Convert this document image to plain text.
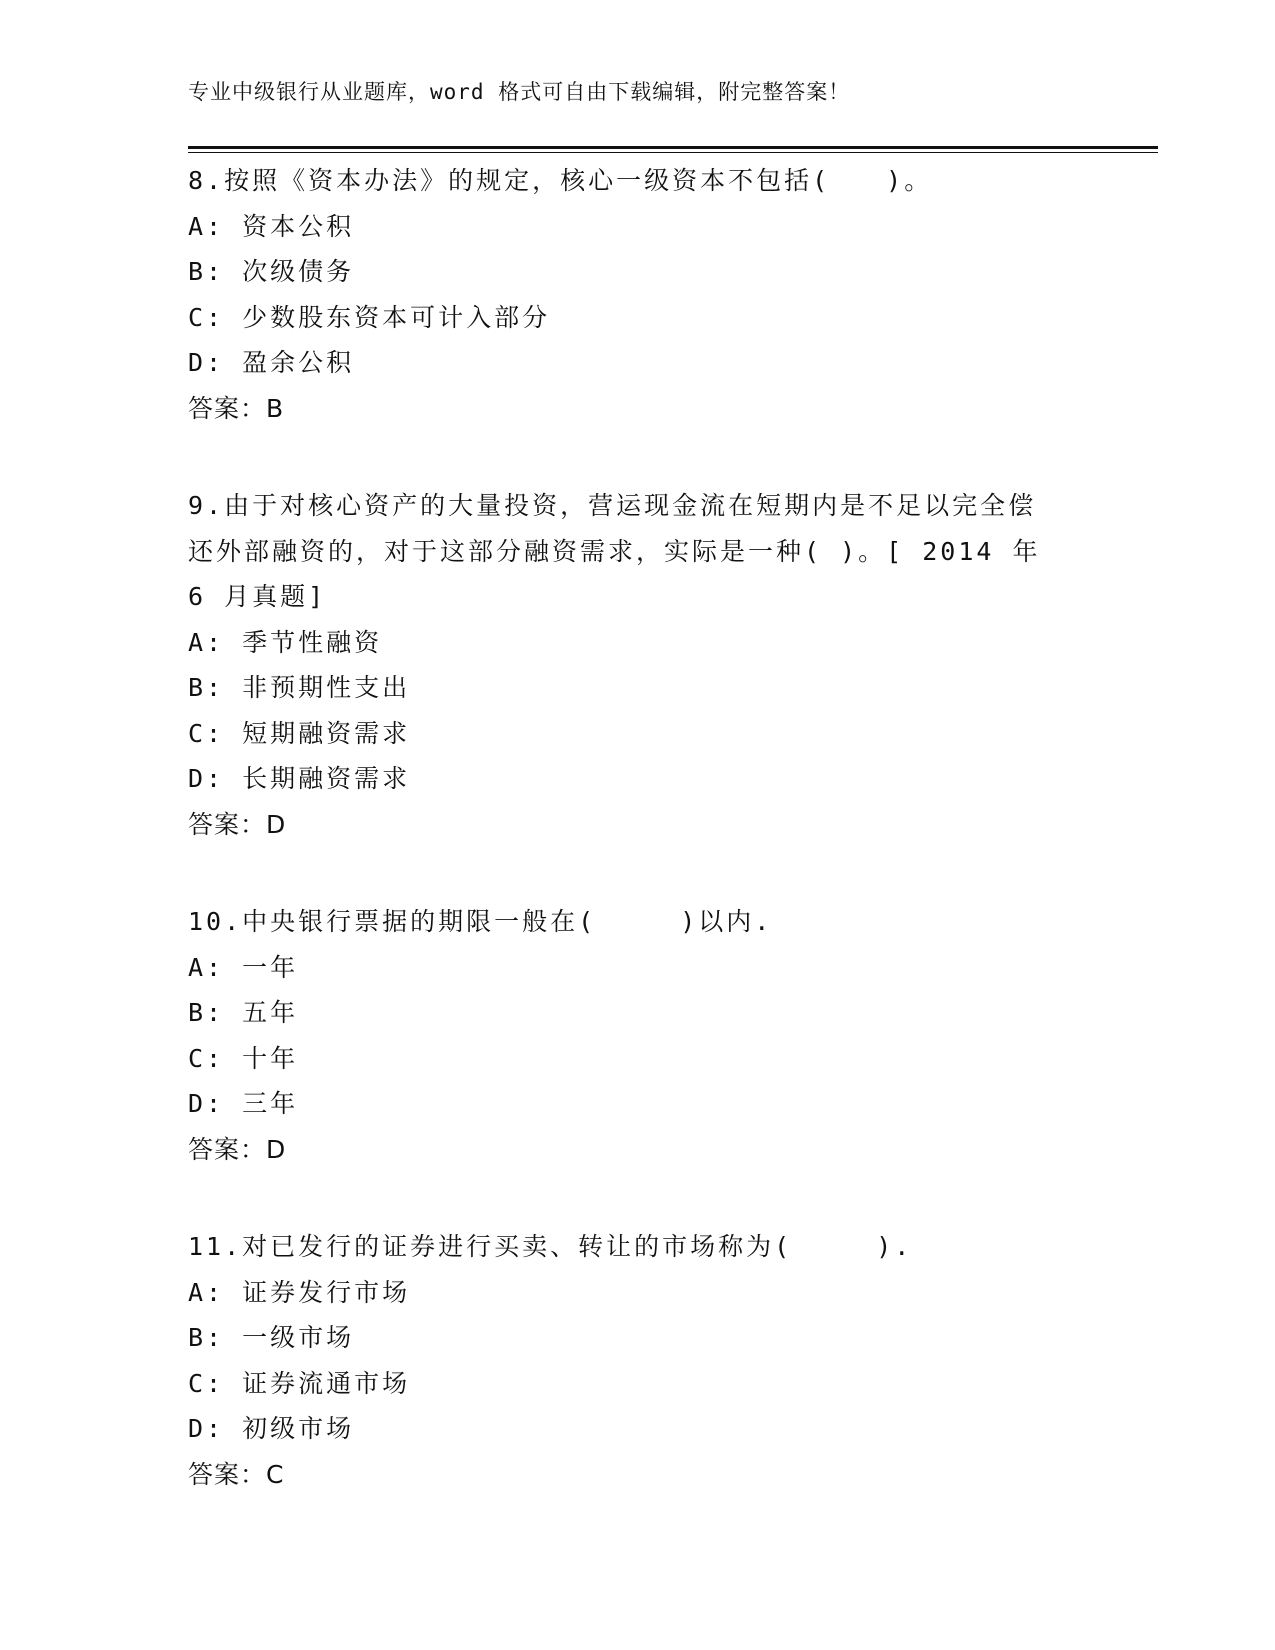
专业中级银行从业题库，word 格式可自由下载编辑，附完整答案！
8.按照《资本办法》的规定，核心一级资本不包括(　　)。
A: 资本公积
B: 次级债务
C: 少数股东资本可计入部分
D: 盈余公积
答案：B
9.由于对核心资产的大量投资，营运现金流在短期内是不足以完全偿还外部融资的，对于这部分融资需求，实际是一种( )。[ 2014 年 6 月真题]
A: 季节性融资
B: 非预期性支出
C: 短期融资需求
D: 长期融资需求
答案：D
10.中央银行票据的期限一般在(　　　)以内.
A: 一年
B: 五年
C: 十年
D: 三年
答案：D
11.对已发行的证券进行买卖、转让的市场称为(　　　).
A: 证券发行市场
B: 一级市场
C: 证券流通市场
D: 初级市场
答案：C
